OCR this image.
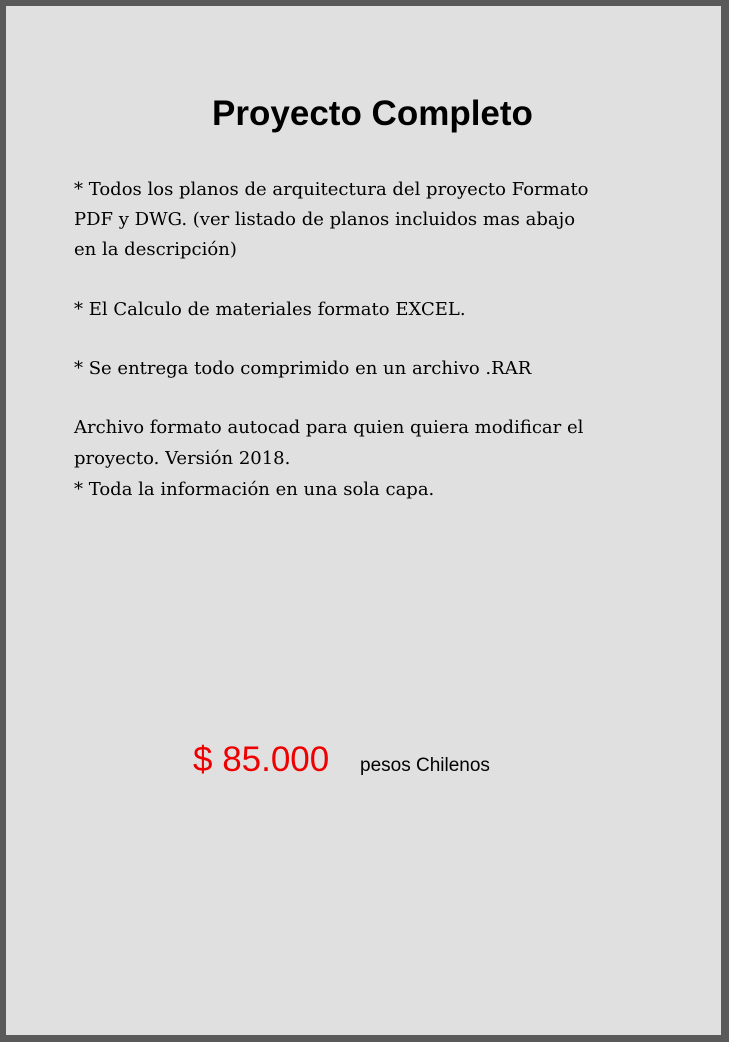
Proyecto Completo

* Todos los planos de arquitectura del proyecto Formato

PDF y DWG. (ver listado de planos incluidos mas abajo

en la descripción)

* El Calculo de materiales formato EXCEL.

* Se entrega todo comprimido en un archivo .RAR

Archivo formato autocad para quien quiera modificar el

proyecto. Versión 2018.

* Toda la información en una sola capa.

$ 85.000 pesos Chilenos
